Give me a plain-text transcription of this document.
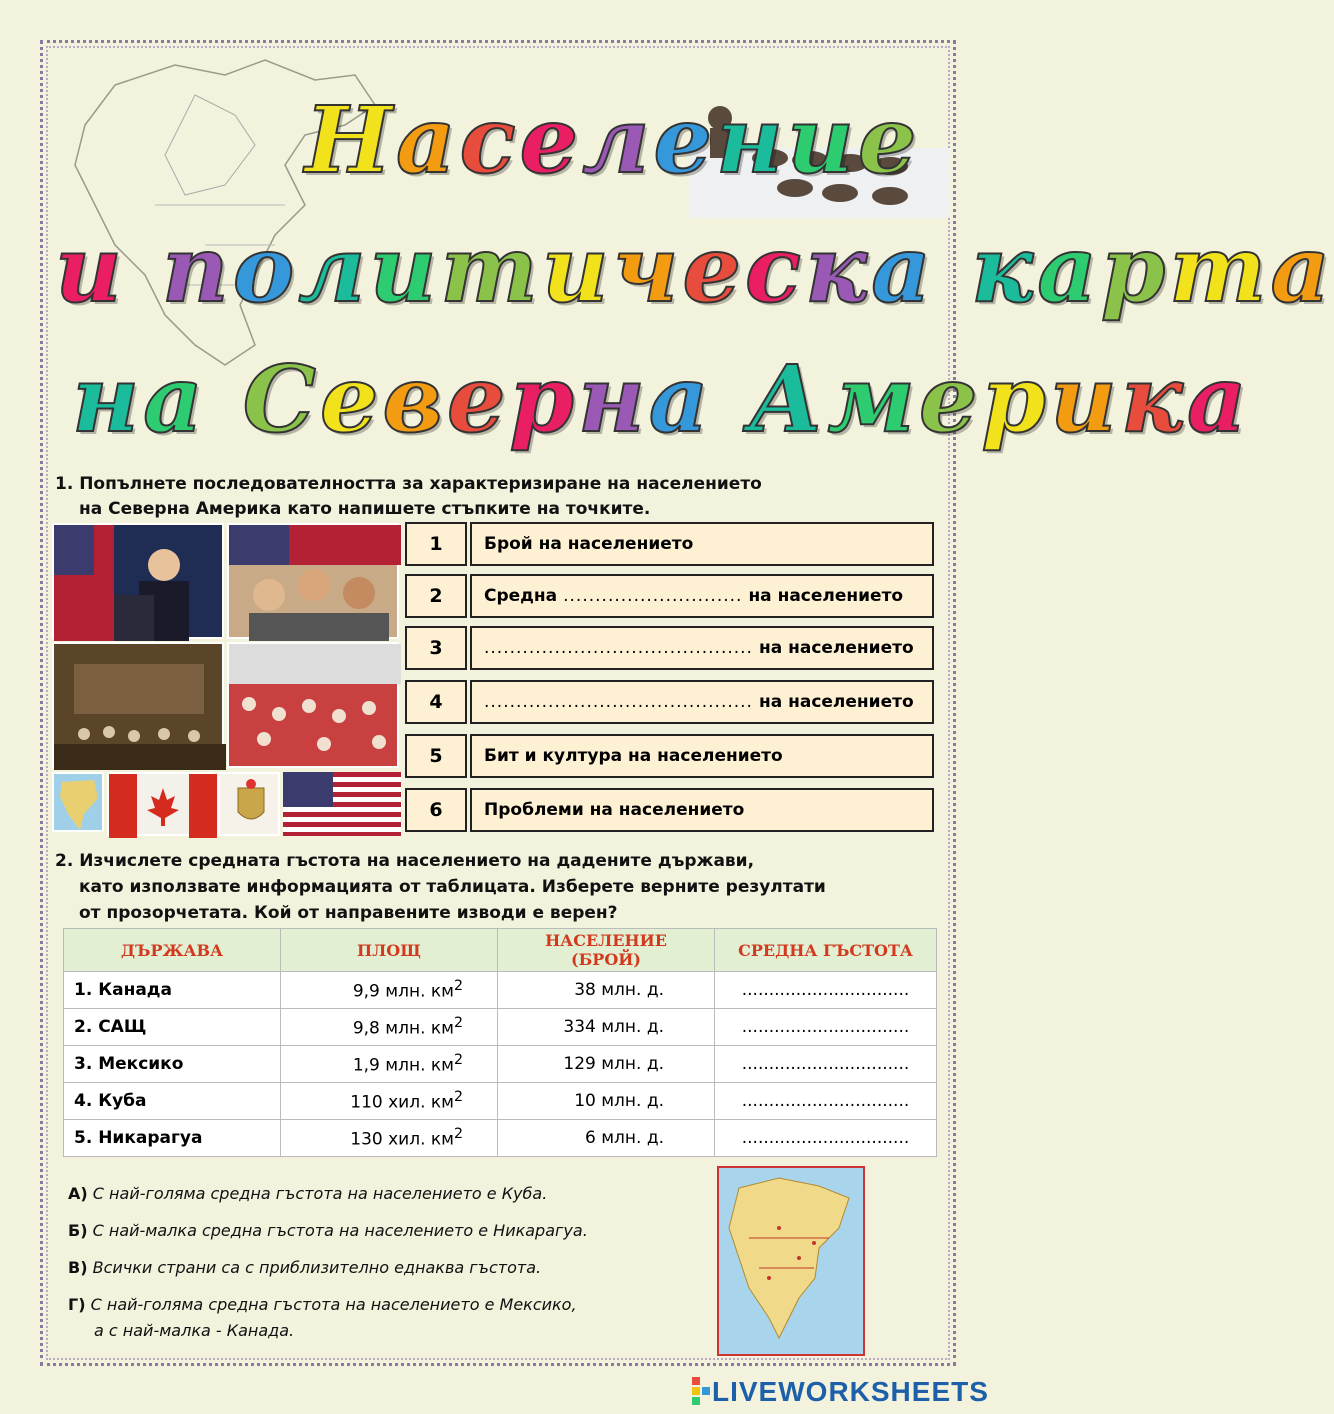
Население
и политическа карта
на Северна Америка
1. Попълнете последователността за характеризиране на населението
на Северна Америка като напишете стъпките на точките.
1	Брой на населението
2	Средна ............................ на населението
3	.......................................... на населението
4	.......................................... на населението
5	Бит и култура на населението
6	Проблеми на населението
2. Изчислете средната гъстота на населението на дадените държави,
като използвате информацията от таблицата. Изберете верните резултати
от прозорчетата. Кой от направените изводи е верен?
ДЪРЖАВА	ПЛОЩ	НАСЕЛЕНИЕ (БРОЙ)	СРЕДНА ГЪСТОТА
1. Канада	9,9 млн. $км^2$	38 млн. д.	...............................
2. САЩ	9,8 млн. $км^2$	334 млн. д.	...............................
3. Мексико	1,9 млн. $км^2$	129 млн. д.	...............................
4. Куба	110 хил. $км^2$	10 млн. д.	...............................
5. Никарагуа	130 хил. $км^2$	6 млн. д.	...............................
А) С най-голяма средна гъстота на населението е Куба.
Б) С най-малка средна гъстота на населението е Никарагуа.
В) Всички страни са с приблизително еднаква гъстота.
Г) С най-голяма средна гъстота на населението е Мексико,
а с най-малка - Канада.
LIVEWORKSHEETS
